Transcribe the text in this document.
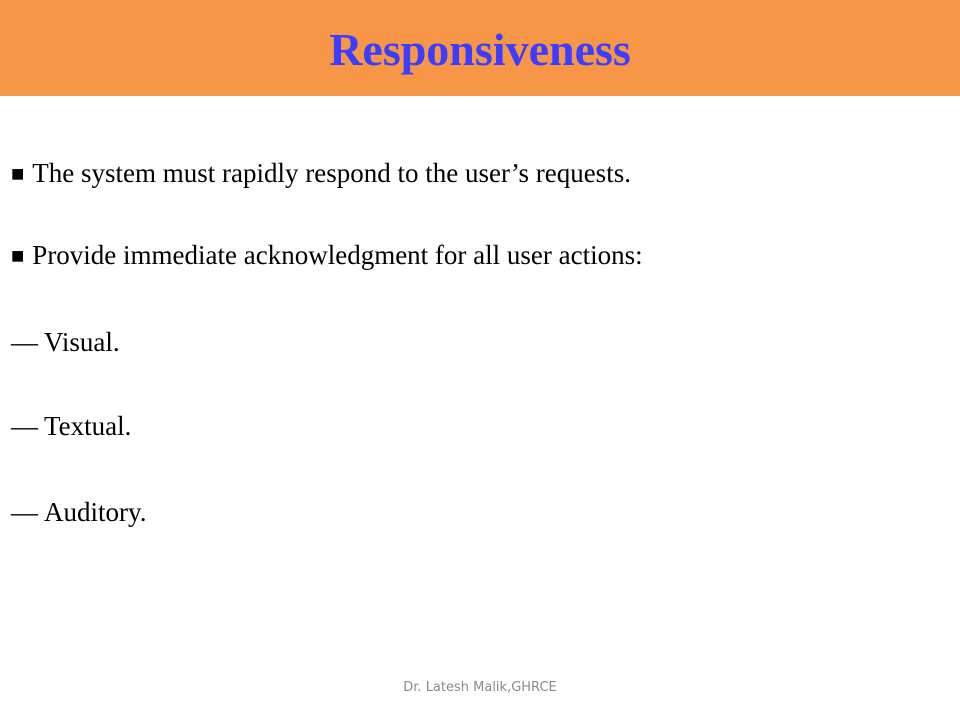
Responsiveness
■ The system must rapidly respond to the user’s requests.
■ Provide immediate acknowledgment for all user actions:
— Visual.
— Textual.
— Auditory.
Dr. Latesh Malik,GHRCE
